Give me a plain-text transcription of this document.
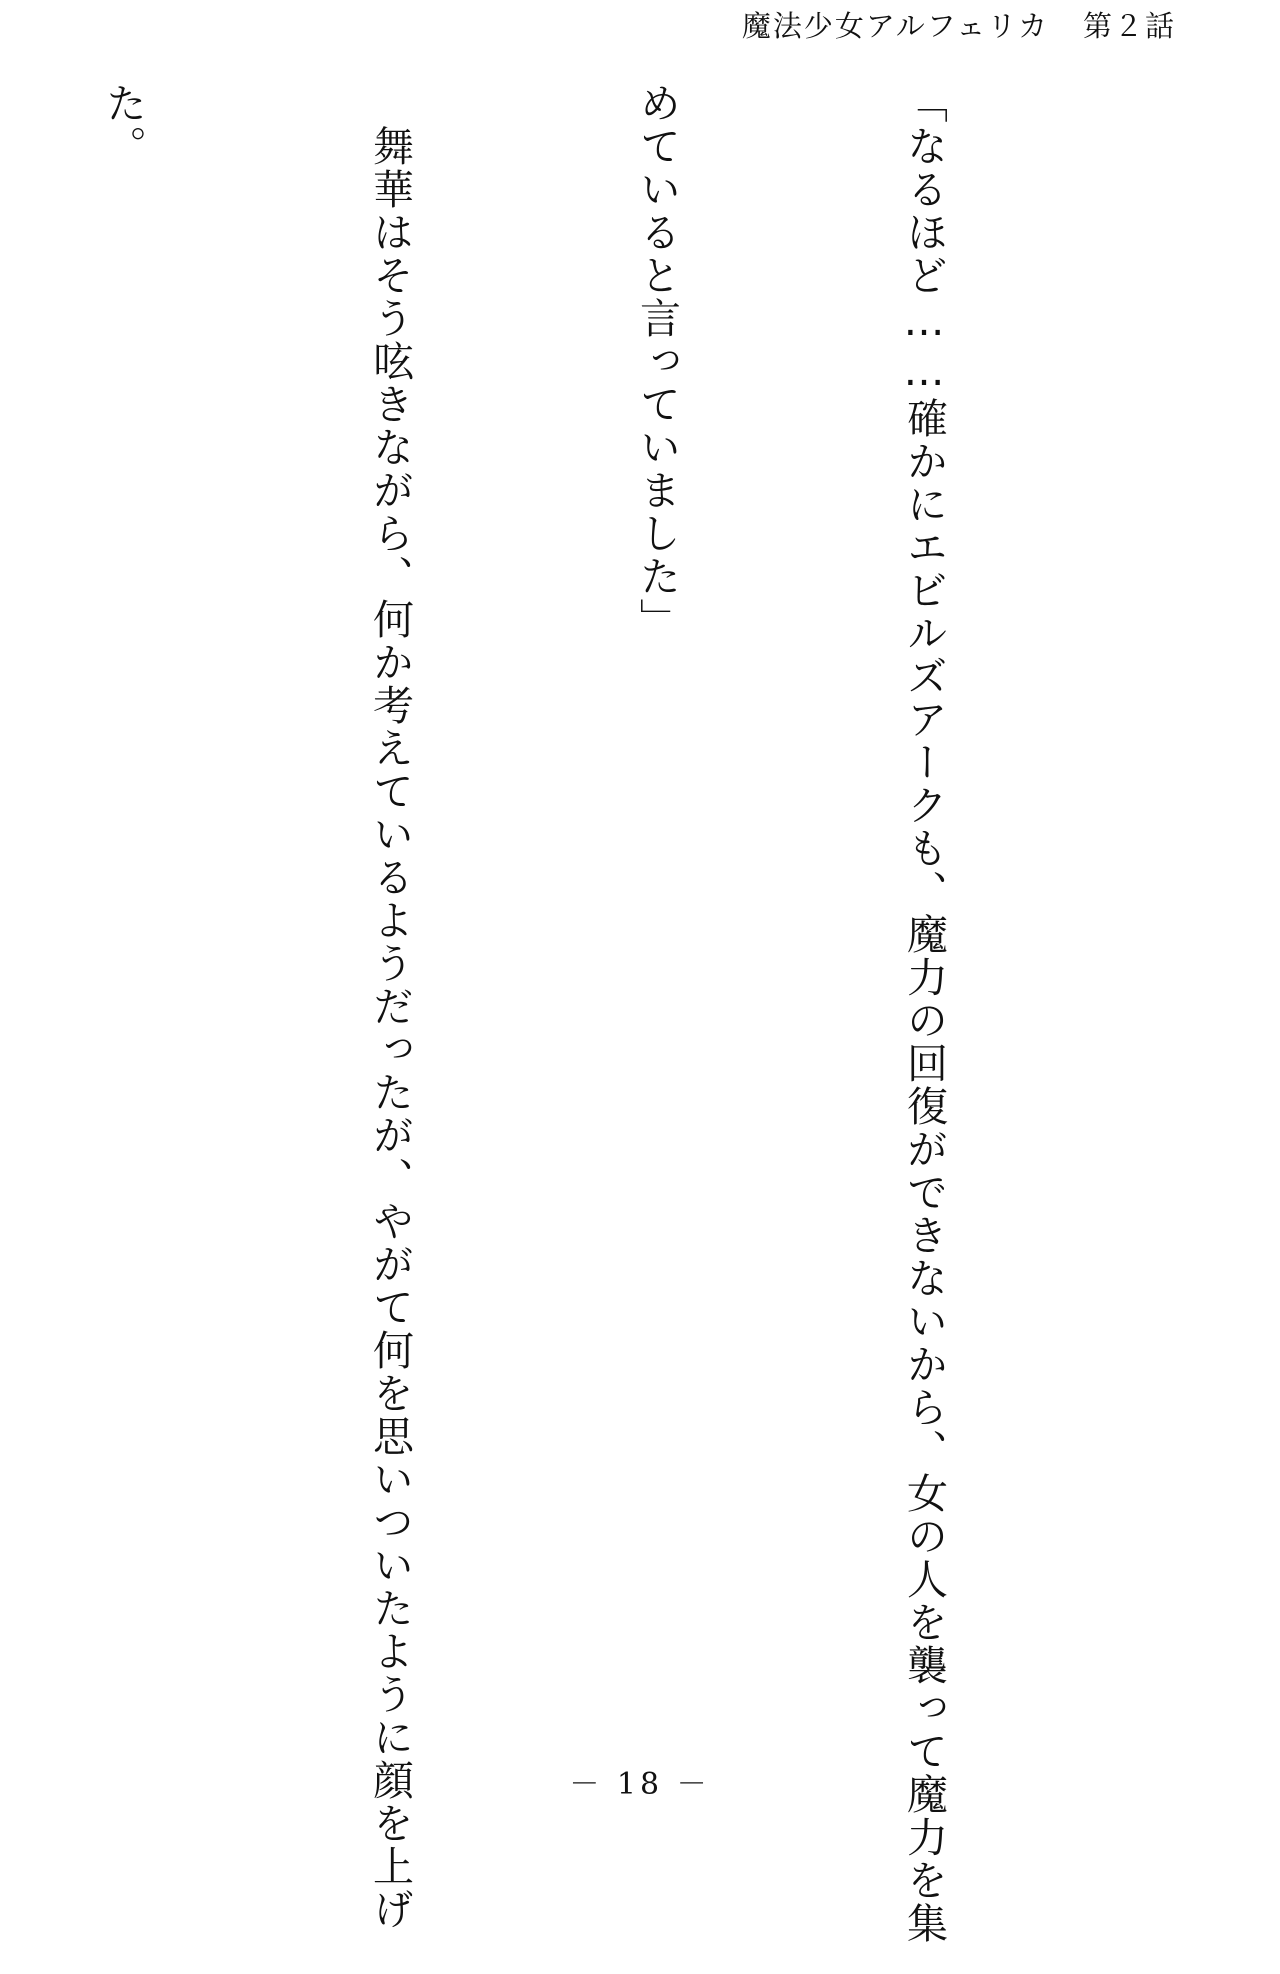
魔法少女アルフェリカ 第２話

「なるほど……確かにエビルズアークも、魔力の回復ができないから、女の人を襲って魔力を集

めていると言っていました」

　舞華はそう呟きながら、何か考えているようだったが、やがて何を思いついたように顔を上げ

た。

－ 18 －
